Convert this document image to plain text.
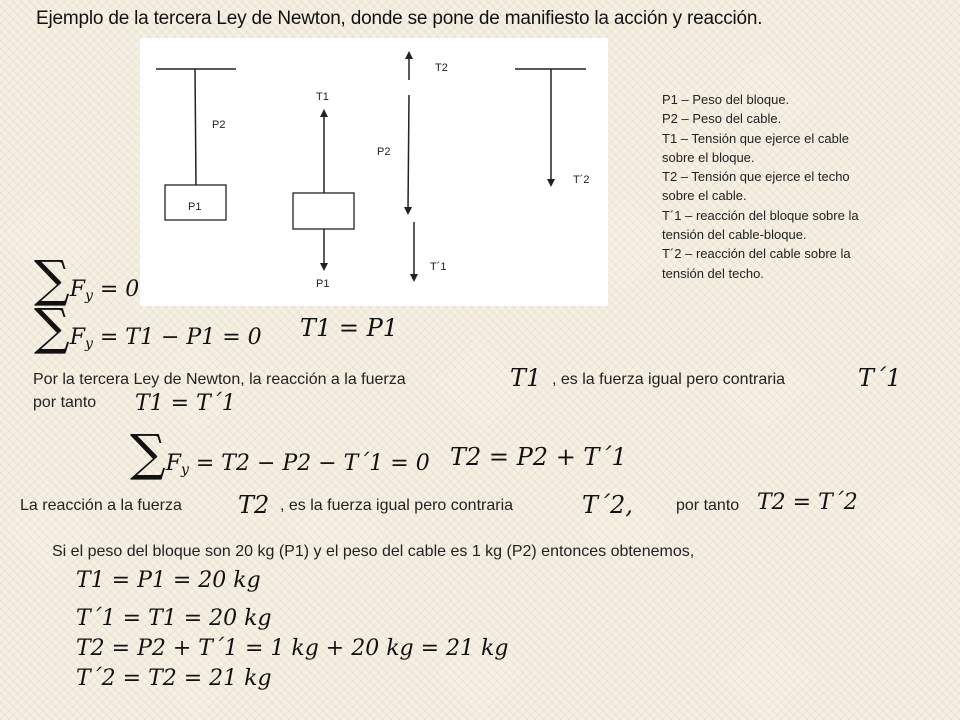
Ejemplo de la tercera Ley de Newton, donde se pone de manifiesto la acción y reacción.
P2
P1
T1
P1
T2
P2
T´1
T´2
P1 – Peso del bloque.
P2 – Peso del cable.
T1 – Tensión que ejerce el cable
sobre el bloque.
T2 – Tensión que ejerce el techo
sobre el cable.
T´1 – reacción del bloque sobre la
tensión del cable-bloque.
T´2 – reacción del cable sobre la
tensión del techo.
∑Fy = 0
∑Fy = T1 − P1 = 0 T1 = P1
Por la tercera Ley de Newton, la reacción a la fuerza	T1 , es la fuerza igual pero contraria	T´1
por tanto T1 = T´1
∑Fy = T2 − P2 − T´1 = 0 T2 = P2 + T´1
La reacción a la fuerza T2 , es la fuerza igual pero contraria	T´2,	por tanto T2 = T´2
Si el peso del bloque son 20 kg (P1) y el peso del cable es 1 kg (P2) entonces obtenemos,
T1 = P1 = 20 kg
T´1 = T1 = 20 kg
T2 = P2 + T´1 = 1 kg + 20 kg = 21 kg
T´2 = T2 = 21 kg
